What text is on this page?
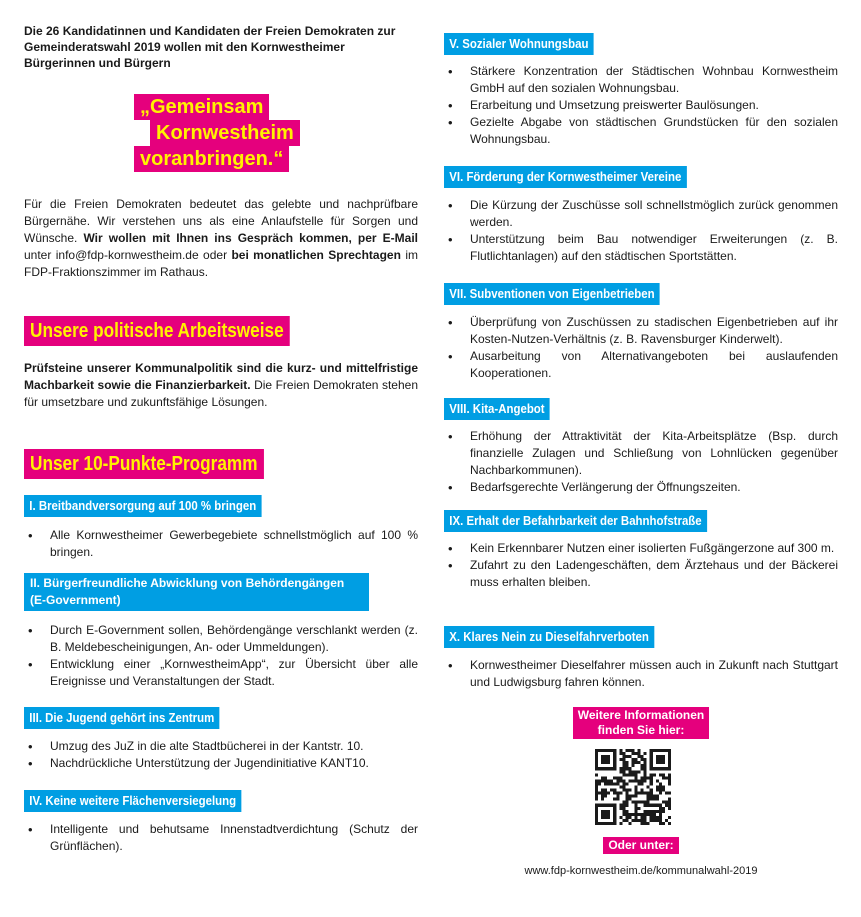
Die 26 Kandidatinnen und Kandidaten der Freien Demokraten zur Gemeinderatswahl 2019 wollen mit den Kornwestheimer Bürgerinnen und Bürgern
„Gemeinsam
Kornwestheim
voranbringen.“

Für die Freien Demokraten bedeutet das gelebte und nachprüfbare Bürgernähe. Wir verstehen uns als eine Anlaufstelle für Sorgen und Wünsche. Wir wollen mit Ihnen ins Gespräch kommen, per E-Mail unter info@fdp-kornwestheim.de oder bei monatlichen Sprechtagen im FDP-Fraktionszimmer im Rathaus.

Unsere politische Arbeitsweise

Prüfsteine unserer Kommunalpolitik sind die kurz- und mittelfristige Machbarkeit sowie die Finanzierbarkeit. Die Freien Demokraten stehen für umsetzbare und zukunftsfähige Lösungen.

Unser 10-Punkte-Programm
I. Breitbandversorgung auf 100 % bringen
• Alle Kornwestheimer Gewerbegebiete schnellstmöglich auf 100 % bringen.
II. Bürgerfreundliche Abwicklung von Behördengängen (E-Government)
• Durch E-Government sollen, Behördengänge verschlankt werden (z. B. Meldebescheinigungen, An- oder Ummeldungen).
• Entwicklung einer „KornwestheimApp“, zur Übersicht über alle Ereignisse und Veranstaltungen der Stadt.
III. Die Jugend gehört ins Zentrum
• Umzug des JuZ in die alte Stadtbücherei in der Kantstr. 10.
• Nachdrückliche Unterstützung der Jugendinitiative KANT10.
IV. Keine weitere Flächenversiegelung
• Intelligente und behutsame Innenstadtverdichtung (Schutz der Grünflächen).
V. Sozialer Wohnungsbau
• Stärkere Konzentration der Städtischen Wohnbau Kornwestheim GmbH auf den sozialen Wohnungsbau.
• Erarbeitung und Umsetzung preiswerter Baulösungen.
• Gezielte Abgabe von städtischen Grundstücken für den sozialen Wohnungsbau.
VI. Förderung der Kornwestheimer Vereine
• Die Kürzung der Zuschüsse soll schnellstmöglich zurück genommen werden.
• Unterstützung beim Bau notwendiger Erweiterungen (z. B. Flutlichtanlagen) auf den städtischen Sportstätten.
VII. Subventionen von Eigenbetrieben
• Überprüfung von Zuschüssen zu stadischen Eigenbetrieben auf ihr Kosten-Nutzen-Verhältnis (z. B. Ravensburger Kinderwelt).
• Ausarbeitung von Alternativangeboten bei auslaufenden Kooperationen.
VIII. Kita-Angebot
• Erhöhung der Attraktivität der Kita-Arbeitsplätze (Bsp. durch finanzielle Zulagen und Schließung von Lohnlücken gegenüber Nachbarkommunen).
• Bedarfsgerechte Verlängerung der Öffnungszeiten.
IX. Erhalt der Befahrbarkeit der Bahnhofstraße
• Kein Erkennbarer Nutzen einer isolierten Fußgängerzone auf 300 m.
• Zufahrt zu den Ladengeschäften, dem Ärztehaus und der Bäckerei muss erhalten bleiben.
X. Klares Nein zu Dieselfahrverboten
• Kornwestheimer Dieselfahrer müssen auch in Zukunft nach Stuttgart und Ludwigsburg fahren können.
Weitere Informationen
finden Sie hier:
Oder unter:
www.fdp-kornwestheim.de/kommunalwahl-2019
